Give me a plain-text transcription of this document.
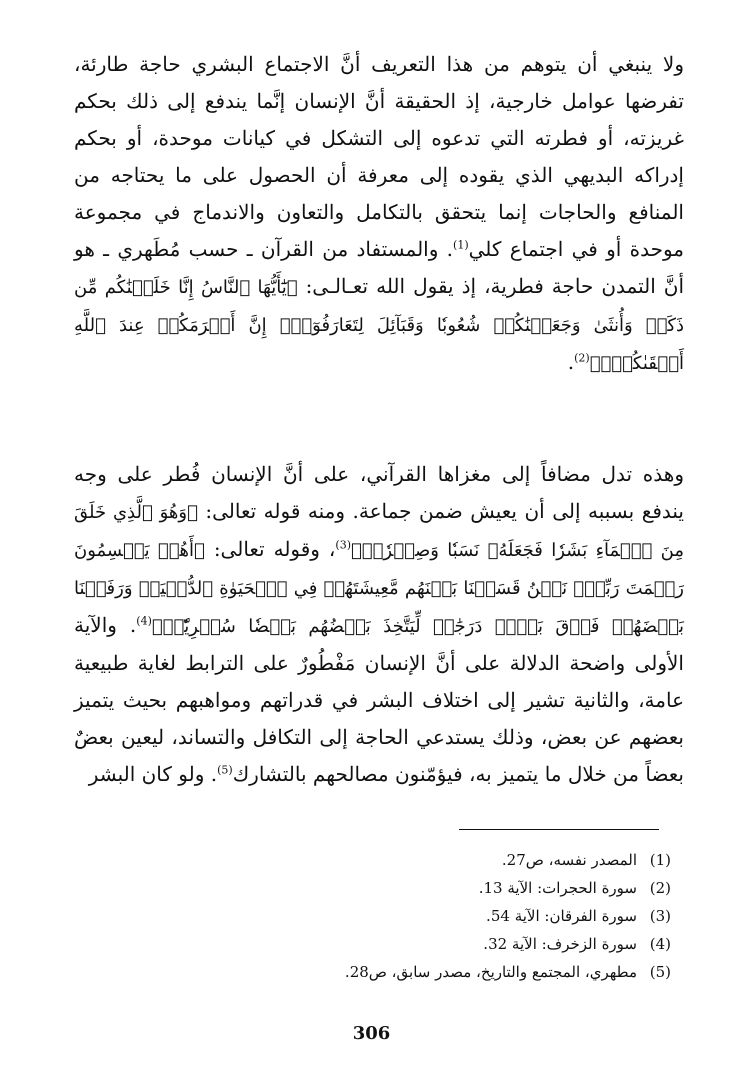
ولا ينبغي أن يتوهم من هذا التعريف أنَّ الاجتماع البشري حاجة طارئة، تفرضها عوامل خارجية، إذ الحقيقة أنَّ الإنسان إنَّما يندفع إلى ذلك بحكم غريزته، أو فطرته التي تدعوه إلى التشكل في كيانات موحدة، أو بحكم إدراكه البديهي الذي يقوده إلى معرفة أن الحصول على ما يحتاجه من المنافع والحاجات إنما يتحقق بالتكامل والتعاون والاندماج في مجموعة موحدة أو في اجتماع كلي$^{(1)}$. والمستفاد من القرآن ـ حسب مُطَهري ـ هو أنَّ التمدن حاجة فطرية، إذ يقول الله تعـالـى: ﴿يَٰٓأَيُّهَا ٱلنَّاسُ إِنَّا خَلَقۡنَٰكُم مِّن ذَكَرٖ وَأُنثَىٰ وَجَعَلۡنَٰكُمۡ شُعُوبٗا وَقَبَآئِلَ لِتَعَارَفُوٓاْۚ إِنَّ أَكۡرَمَكُمۡ عِندَ ٱللَّهِ أَتۡقَىٰكُمۡۚ﴾$^{(2)}$.

وهذه تدل مضافاً إلى مغزاها القرآني، على أنَّ الإنسان فُطر على وجه يندفع بسببه إلى أن يعيش ضمن جماعة. ومنه قوله تعالى: ﴿وَهُوَ ٱلَّذِي خَلَقَ مِنَ ٱلۡمَآءِ بَشَرٗا فَجَعَلَهُۥ نَسَبٗا وَصِهۡرٗاۗ﴾$^{(3)}$، وقوله تعالى: ﴿أَهُمۡ يَقۡسِمُونَ رَحۡمَتَ رَبِّكَۚ نَحۡنُ قَسَمۡنَا بَيۡنَهُم مَّعِيشَتَهُمۡ فِي ٱلۡحَيَوٰةِ ٱلدُّنۡيَاۚ وَرَفَعۡنَا بَعۡضَهُمۡ فَوۡقَ بَعۡضٖ دَرَجَٰتٖ لِّيَتَّخِذَ بَعۡضُهُم بَعۡضٗا سُخۡرِيّٗاۗ﴾$^{(4)}$. والآية الأولى واضحة الدلالة على أنَّ الإنسان مَفْطُورٌ على الترابط لغاية طبيعية عامة، والثانية تشير إلى اختلاف البشر في قدراتهم ومواهبهم بحيث يتميز بعضهم عن بعض، وذلك يستدعي الحاجة إلى التكافل والتساند، ليعين بعضٌ بعضاً من خلال ما يتميز به، فيؤمّنون مصالحهم بالتشارك$^{(5)}$. ولو كان البشر

(1)
المصدر نفسه، ص27.
(2)
سورة الحجرات: الآية 13.
(3)
سورة الفرقان: الآية 54.
(4)
سورة الزخرف: الآية 32.
(5)
مطهري، المجتمع والتاريخ، مصدر سابق، ص28.
306
